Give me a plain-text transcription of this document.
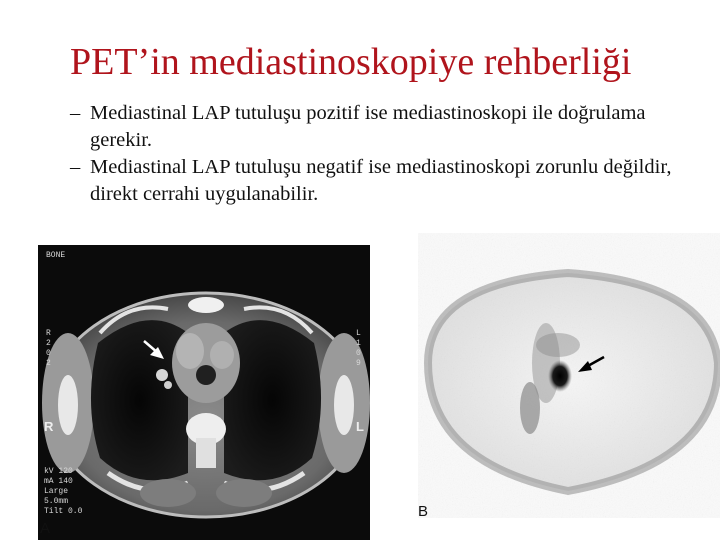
PET’in mediastinoskopiye rehberliği
– Mediastinal LAP tutuluşu pozitif ise mediastinoskopi ile doğrulama gerekir.
– Mediastinal LAP tutuluşu negatif ise mediastinoskopi zorunlu değildir, direkt cerrahi uygulanabilir.
BONE
R	L
R
2
0
2
L
1
0
9
kV 120
mA 140
Large
5.0mm
Tilt 0.0
A
B
